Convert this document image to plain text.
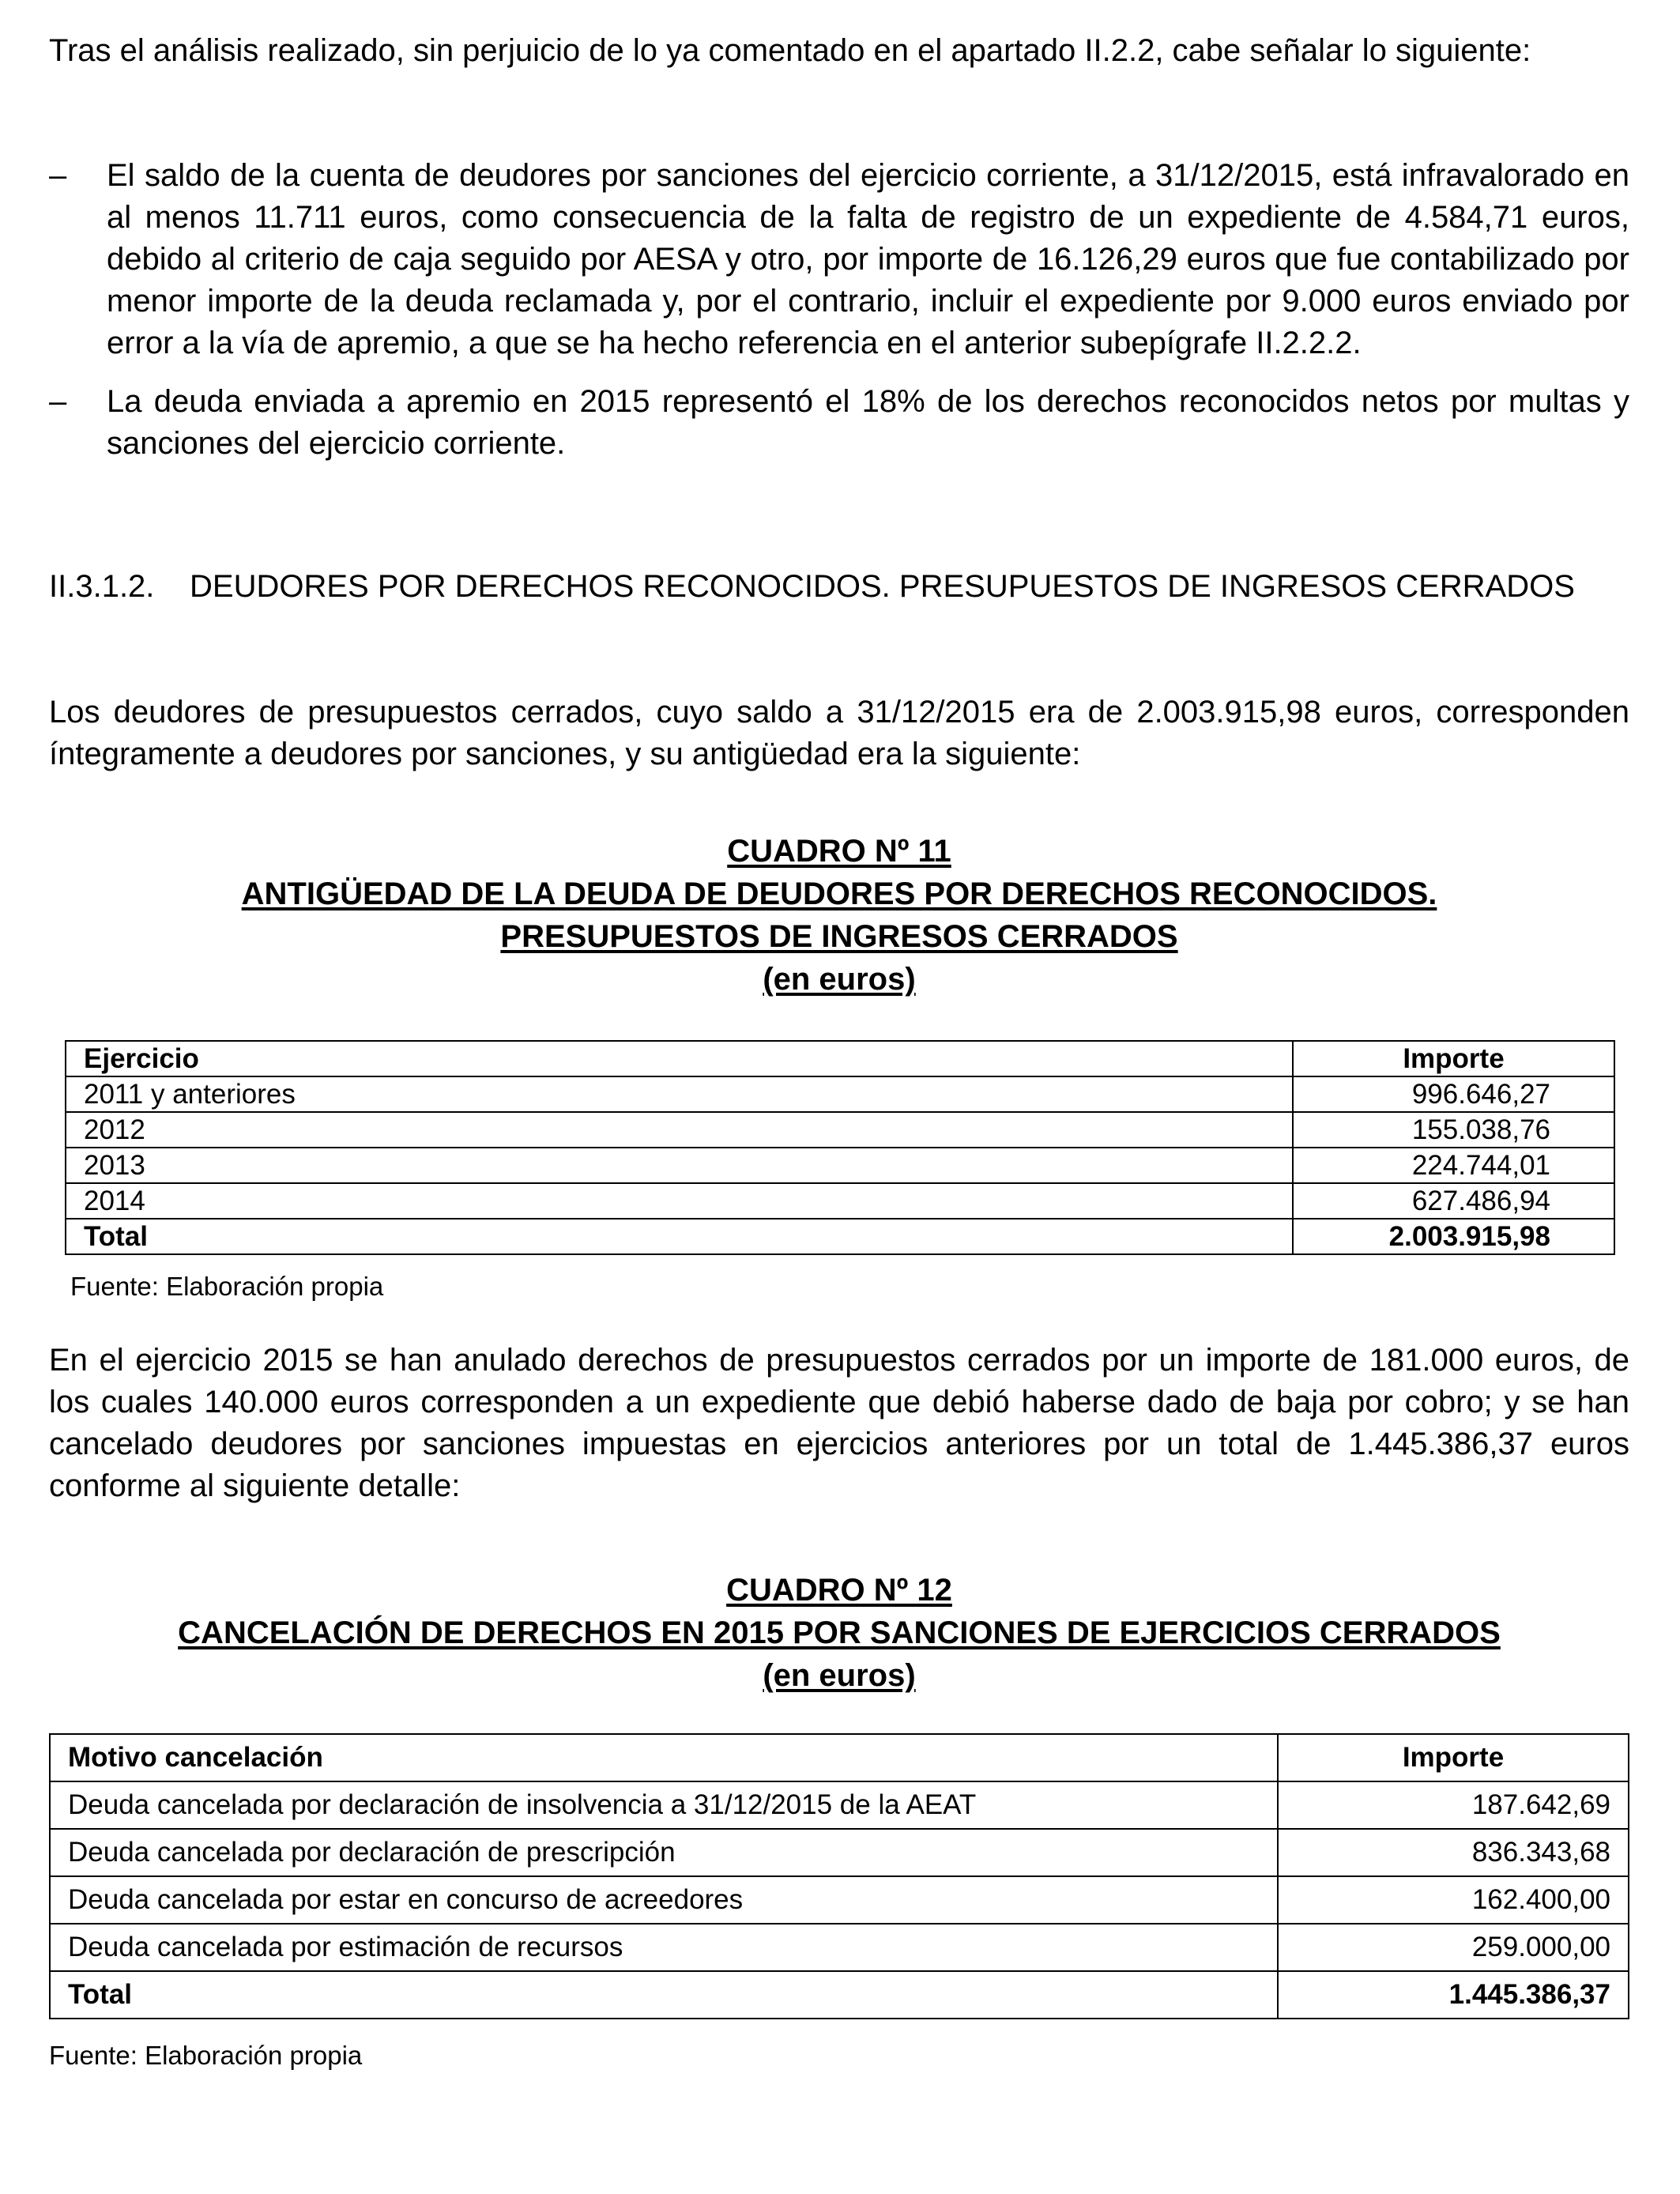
Tras el análisis realizado, sin perjuicio de lo ya comentado en el apartado II.2.2, cabe señalar lo siguiente:

– El saldo de la cuenta de deudores por sanciones del ejercicio corriente, a 31/12/2015, está infravalorado en al menos 11.711 euros, como consecuencia de la falta de registro de un expediente de 4.584,71 euros, debido al criterio de caja seguido por AESA y otro, por importe de 16.126,29 euros que fue contabilizado por menor importe de la deuda reclamada y, por el contrario, incluir el expediente por 9.000 euros enviado por error a la vía de apremio, a que se ha hecho referencia en el anterior subepígrafe II.2.2.2.
– La deuda enviada a apremio en 2015 representó el 18% de los derechos reconocidos netos por multas y sanciones del ejercicio corriente.
II.3.1.2.	DEUDORES POR DERECHOS RECONOCIDOS. PRESUPUESTOS DE INGRESOS CERRADOS

Los deudores de presupuestos cerrados, cuyo saldo a 31/12/2015 era de 2.003.915,98 euros, corresponden íntegramente a deudores por sanciones, y su antigüedad era la siguiente:

CUADRO Nº 11
ANTIGÜEDAD DE LA DEUDA DE DEUDORES POR DERECHOS RECONOCIDOS.
PRESUPUESTOS DE INGRESOS CERRADOS
(en euros)
Ejercicio	Importe
2011 y anteriores	996.646,27
2012	155.038,76
2013	224.744,01
2014	627.486,94
Total	2.003.915,98
Fuente: Elaboración propia

En el ejercicio 2015 se han anulado derechos de presupuestos cerrados por un importe de 181.000 euros, de los cuales 140.000 euros corresponden a un expediente que debió haberse dado de baja por cobro; y se han cancelado deudores por sanciones impuestas en ejercicios anteriores por un total de 1.445.386,37 euros conforme al siguiente detalle:

CUADRO Nº 12
CANCELACIÓN DE DERECHOS EN 2015 POR SANCIONES DE EJERCICIOS CERRADOS
(en euros)
Motivo cancelación	Importe
Deuda cancelada por declaración de insolvencia a 31/12/2015 de la AEAT	187.642,69
Deuda cancelada por declaración de prescripción	836.343,68
Deuda cancelada por estar en concurso de acreedores	162.400,00
Deuda cancelada por estimación de recursos	259.000,00
Total	1.445.386,37
Fuente: Elaboración propia
